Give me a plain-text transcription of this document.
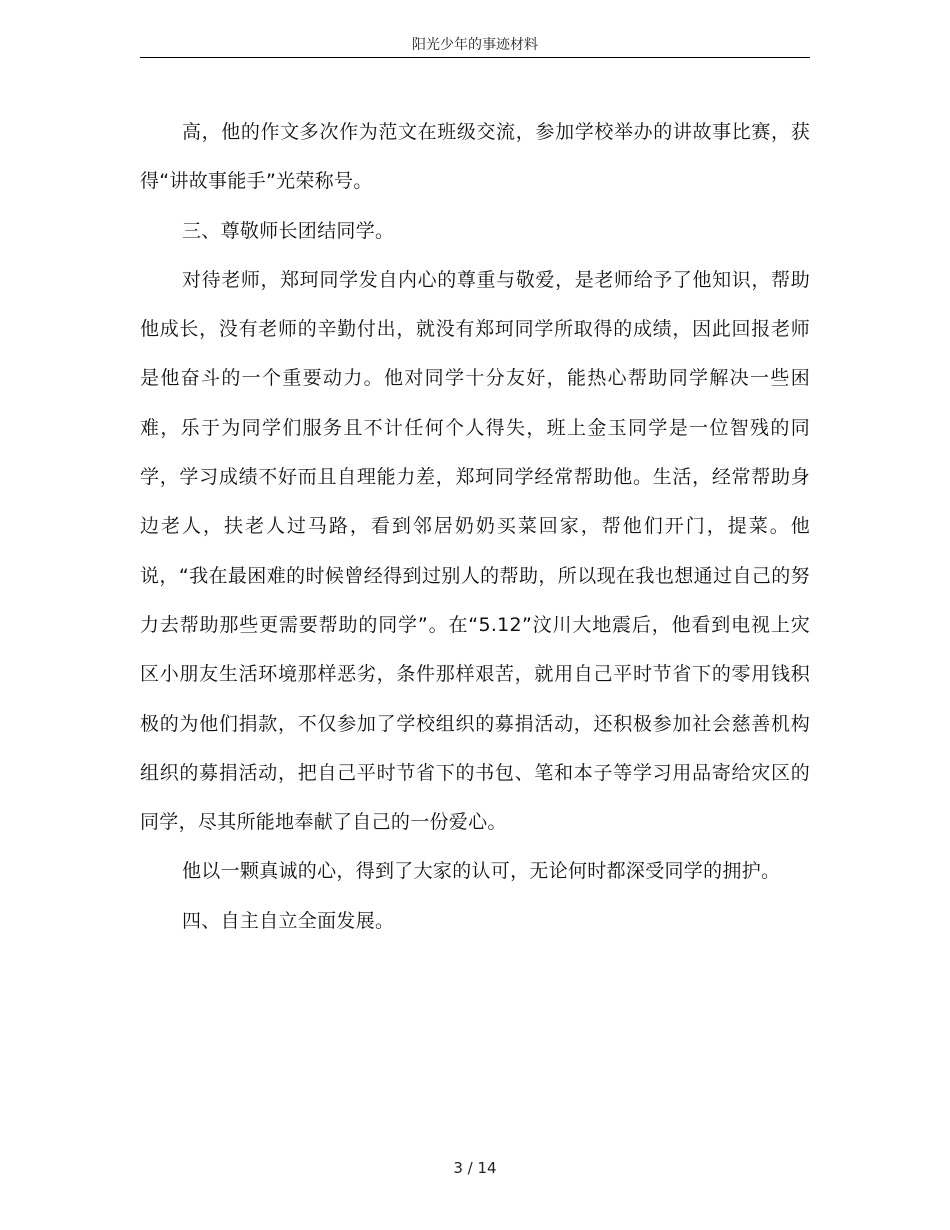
阳光少年的事迹材料

高，他的作文多次作为范文在班级交流，参加学校举办的讲故事比赛，获得“讲故事能手”光荣称号。

三、尊敬师长团结同学。

对待老师，郑珂同学发自内心的尊重与敬爱，是老师给予了他知识，帮助他成长，没有老师的辛勤付出，就没有郑珂同学所取得的成绩，因此回报老师是他奋斗的一个重要动力。他对同学十分友好，能热心帮助同学解决一些困难，乐于为同学们服务且不计任何个人得失，班上金玉同学是一位智残的同学，学习成绩不好而且自理能力差，郑珂同学经常帮助他。生活，经常帮助身边老人，扶老人过马路，看到邻居奶奶买菜回家，帮他们开门，提菜。他说，“我在最困难的时候曾经得到过别人的帮助，所以现在我也想通过自己的努力去帮助那些更需要帮助的同学”。在“5.12”汶川大地震后，他看到电视上灾区小朋友生活环境那样恶劣，条件那样艰苦，就用自己平时节省下的零用钱积极的为他们捐款，不仅参加了学校组织的募捐活动，还积极参加社会慈善机构组织的募捐活动，把自己平时节省下的书包、笔和本子等学习用品寄给灾区的同学，尽其所能地奉献了自己的一份爱心。

他以一颗真诚的心，得到了大家的认可，无论何时都深受同学的拥护。

四、自主自立全面发展。

3 / 14
